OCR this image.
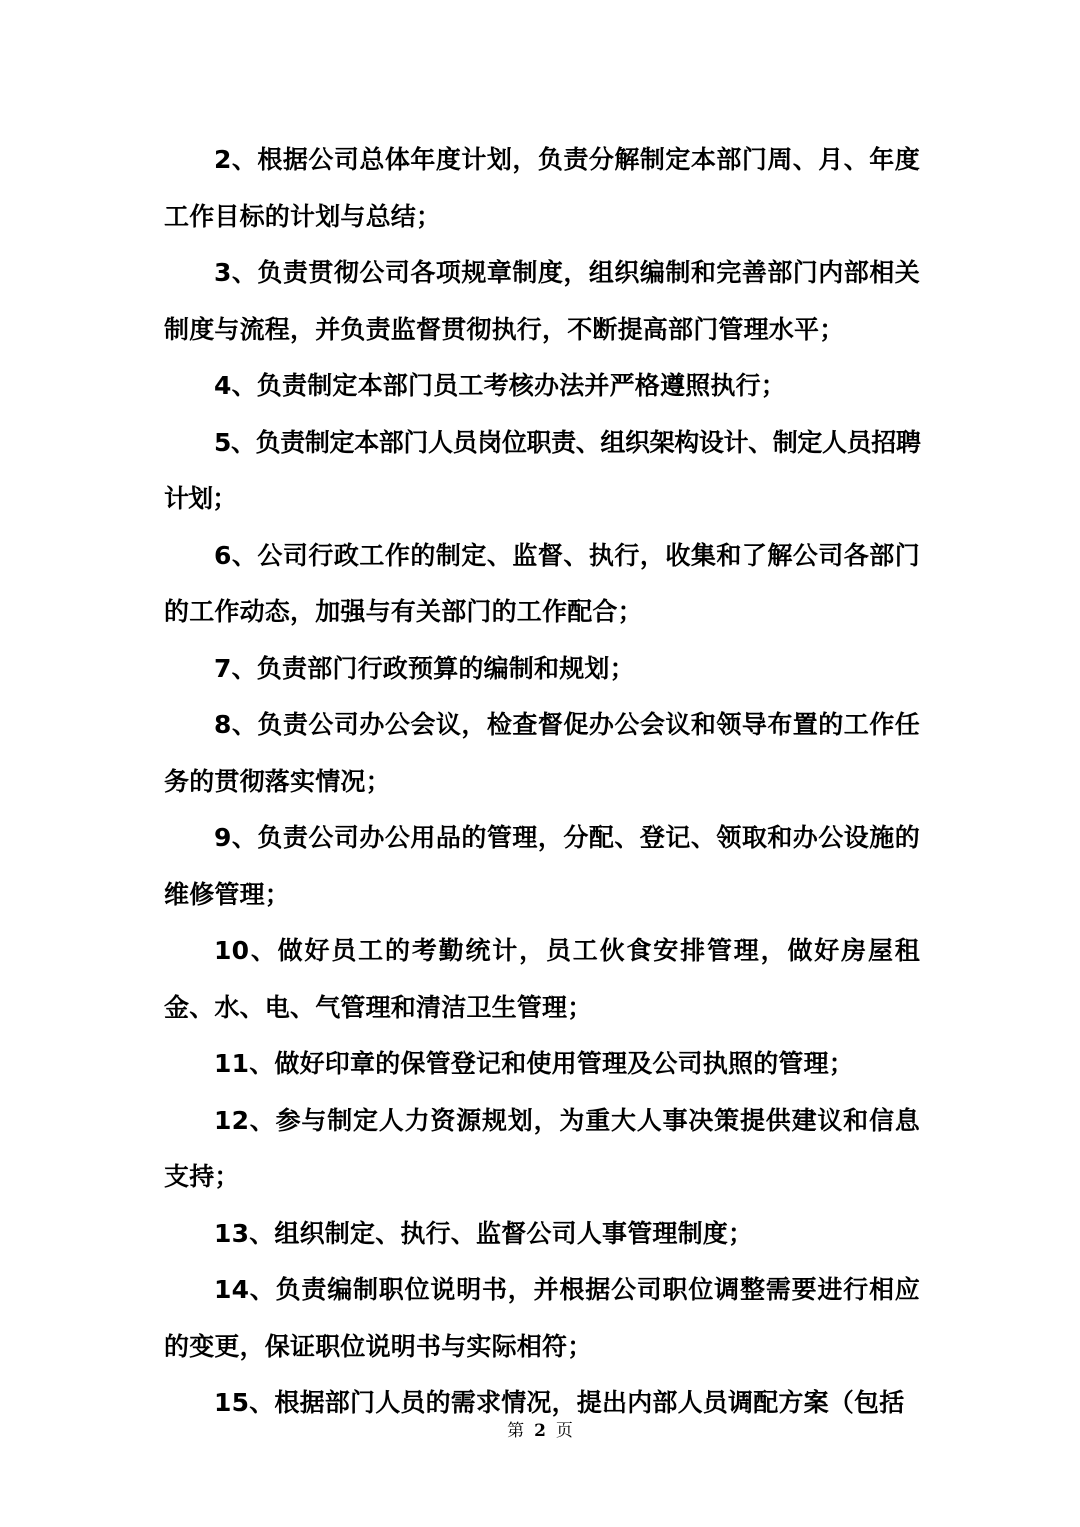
2、根据公司总体年度计划，负责分解制定本部门周、月、年度工作目标的计划与总结；

3、负责贯彻公司各项规章制度，组织编制和完善部门内部相关制度与流程，并负责监督贯彻执行，不断提高部门管理水平；

4、负责制定本部门员工考核办法并严格遵照执行；

5、负责制定本部门人员岗位职责、组织架构设计、制定人员招聘计划；

6、公司行政工作的制定、监督、执行，收集和了解公司各部门的工作动态，加强与有关部门的工作配合；

7、负责部门行政预算的编制和规划；

8、负责公司办公会议，检查督促办公会议和领导布置的工作任务的贯彻落实情况；

9、负责公司办公用品的管理，分配、登记、领取和办公设施的维修管理；

10、做好员工的考勤统计，员工伙食安排管理，做好房屋租金、水、电、气管理和清洁卫生管理；

11、做好印章的保管登记和使用管理及公司执照的管理；

12、参与制定人力资源规划，为重大人事决策提供建议和信息支持；

13、组织制定、执行、监督公司人事管理制度；

14、负责编制职位说明书，并根据公司职位调整需要进行相应的变更，保证职位说明书与实际相符；

15、根据部门人员的需求情况，提出内部人员调配方案（包括

第 2 页
